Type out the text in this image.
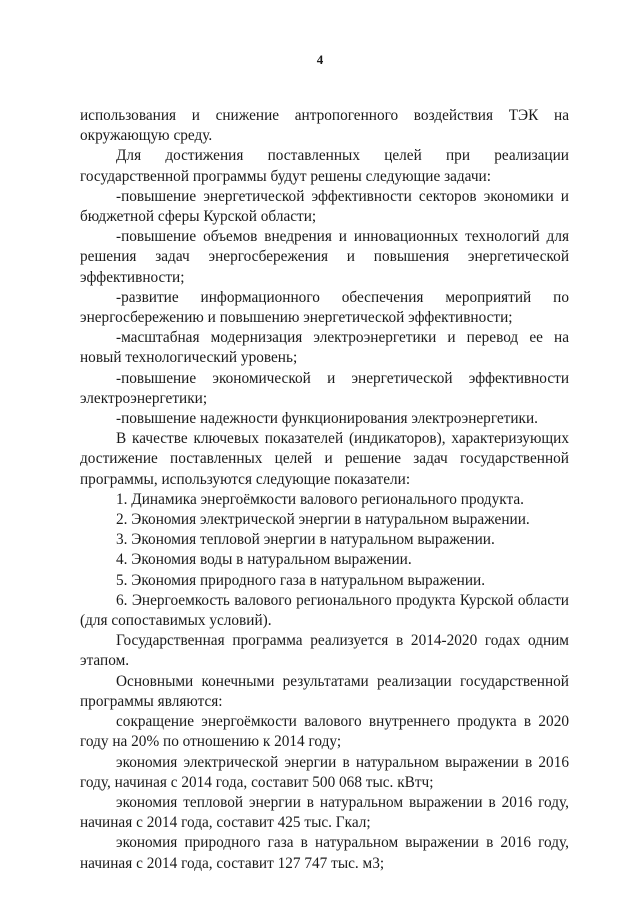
4

использования и снижение антропогенного воздействия ТЭК на окружающую среду.

Для достижения поставленных целей при реализации государственной программы будут решены следующие задачи:

-повышение энергетической эффективности секторов экономики и бюджетной сферы Курской области;

-повышение объемов внедрения и инновационных технологий для решения задач энергосбережения и повышения энергетической эффективности;

-развитие информационного обеспечения мероприятий по энергосбережению и повышению энергетической эффективности;

-масштабная модернизация электроэнергетики и перевод ее на новый технологический уровень;

-повышение экономической и энергетической эффективности электроэнергетики;

-повышение надежности функционирования электроэнергетики.

В качестве ключевых показателей (индикаторов), характеризующих достижение поставленных целей и решение задач государственной программы, используются следующие показатели:

1. Динамика энергоёмкости валового регионального продукта.

2. Экономия электрической энергии в натуральном выражении.

3. Экономия тепловой энергии в натуральном выражении.

4. Экономия воды в натуральном выражении.

5. Экономия природного газа в натуральном выражении.

6. Энергоемкость валового регионального продукта Курской области (для сопоставимых условий).

Государственная программа реализуется в 2014-2020 годах одним этапом.

Основными конечными результатами реализации государственной программы являются:

сокращение энергоёмкости валового внутреннего продукта в 2020 году на 20% по отношению к 2014 году;

экономия электрической энергии в натуральном выражении в 2016 году, начиная с 2014 года, составит 500 068 тыс. кВтч;

экономия тепловой энергии в натуральном выражении в 2016 году, начиная с 2014 года, составит 425 тыс. Гкал;

экономия природного газа в натуральном выражении в 2016 году, начиная с 2014 года, составит 127 747 тыс. м3;
